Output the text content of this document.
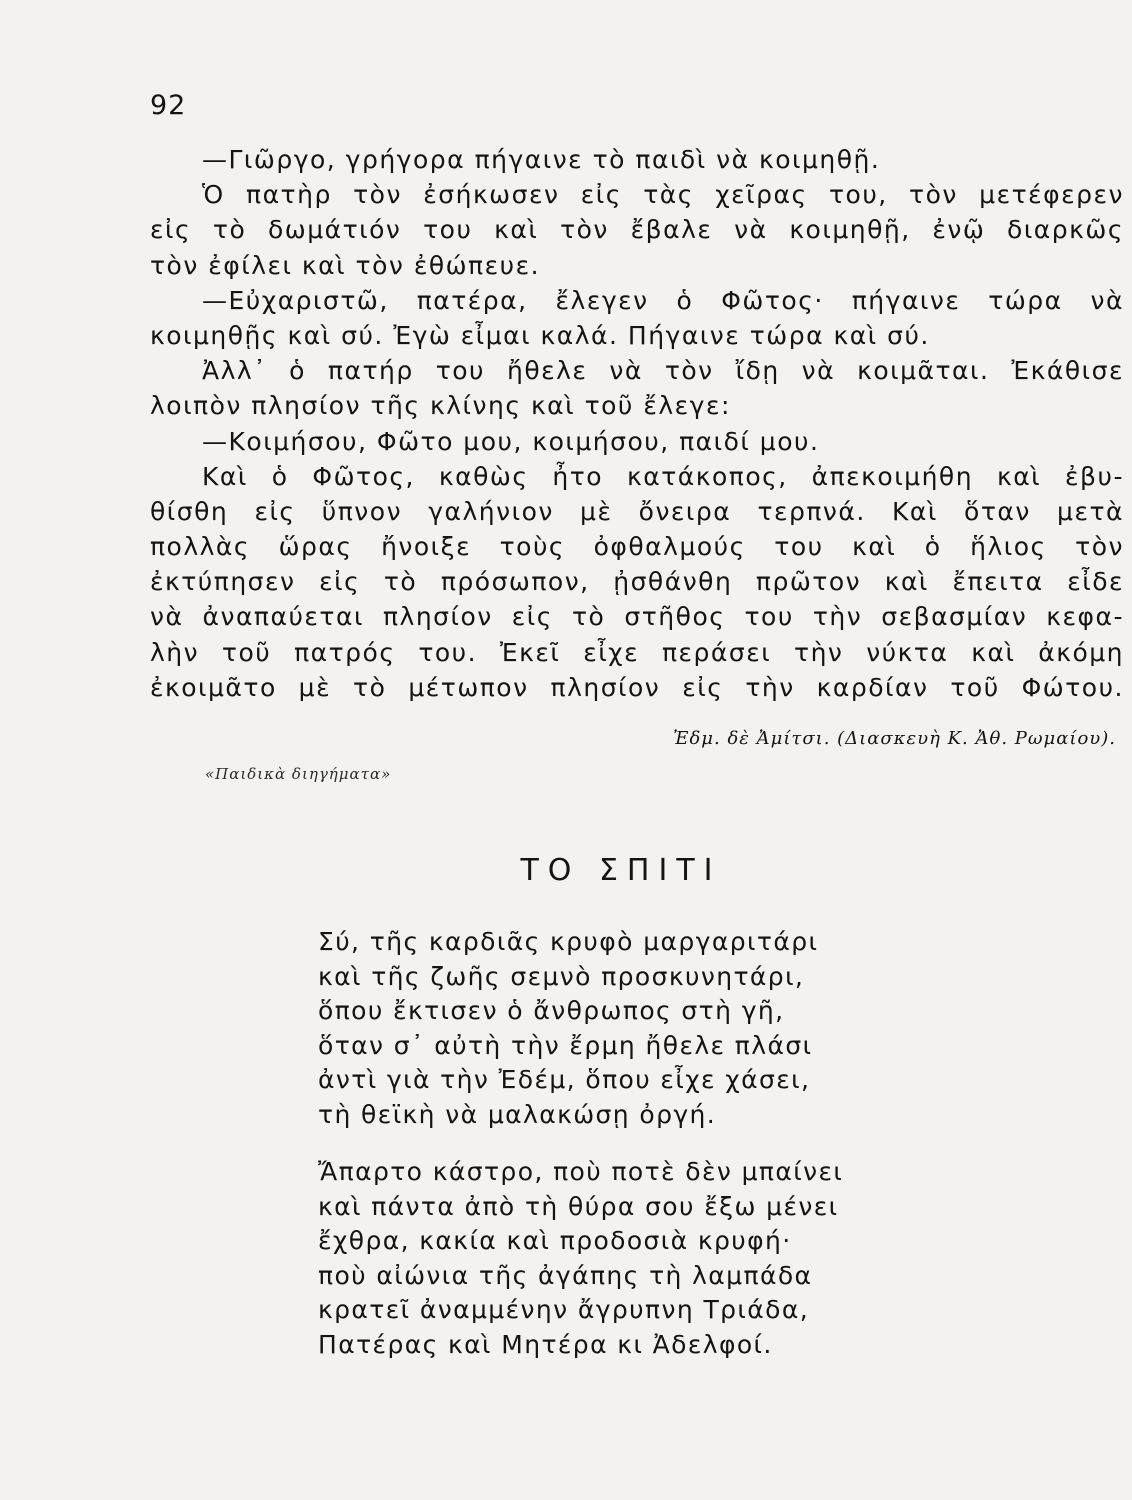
92
—Γιῶργο, γρήγορα πήγαινε τὸ παιδὶ νὰ κοιμηθῇ.
Ὁ πατὴρ τὸν ἐσήκωσεν εἰς τὰς χεῖρας του, τὸν μετέφερεν
εἰς τὸ δωμάτιόν του καὶ τὸν ἔβαλε νὰ κοιμηθῇ, ἐνῷ διαρκῶς
τὸν ἐφίλει καὶ τὸν ἐθώπευε.
—Εὐχαριστῶ, πατέρα, ἔλεγεν ὁ Φῶτος· πήγαινε τώρα νὰ
κοιμηθῇς καὶ σύ. Ἐγὼ εἶμαι καλά. Πήγαινε τώρα καὶ σύ.
Ἀλλ᾽ ὁ πατήρ του ἤθελε νὰ τὸν ἴδῃ νὰ κοιμᾶται. Ἐκάθισε
λοιπὸν πλησίον τῆς κλίνης καὶ τοῦ ἔλεγε:
—Κοιμήσου, Φῶτο μου, κοιμήσου, παιδί μου.
Καὶ ὁ Φῶτος, καθὼς ἦτο κατάκοπος, ἀπεκοιμήθη καὶ ἐβυ-
θίσθη εἰς ὕπνον γαλήνιον μὲ ὄνειρα τερπνά. Καὶ ὅταν μετὰ
πολλὰς ὥρας ἤνοιξε τοὺς ὀφθαλμούς του καὶ ὁ ἥλιος τὸν
ἐκτύπησεν εἰς τὸ πρόσωπον, ᾐσθάνθη πρῶτον καὶ ἔπειτα εἶδε
νὰ ἀναπαύεται πλησίον εἰς τὸ στῆθος του τὴν σεβασμίαν κεφα-
λὴν τοῦ πατρός του. Ἐκεῖ εἶχε περάσει τὴν νύκτα καὶ ἀκόμη
ἐκοιμᾶτο μὲ τὸ μέτωπον πλησίον εἰς τὴν καρδίαν τοῦ Φώτου.
Ἐδμ. δὲ Ἀμίτσι. (Διασκευὴ Κ. Ἀθ. Ρωμαίου).
«Παιδικὰ διηγήματα»
ΤΟ ΣΠΙΤΙ
Σύ, τῆς καρδιᾶς κρυφὸ μαργαριτάρι
καὶ τῆς ζωῆς σεμνὸ προσκυνητάρι,
ὅπου ἔκτισεν ὁ ἄνθρωπος στὴ γῆ,
ὅταν σ᾽ αὐτὴ τὴν ἔρμη ἤθελε πλάσι
ἀντὶ γιὰ τὴν Ἐδέμ, ὅπου εἶχε χάσει,
τὴ θεϊκὴ νὰ μαλακώσῃ ὀργή.
Ἄπαρτο κάστρο, ποὺ ποτὲ δὲν μπαίνει
καὶ πάντα ἀπὸ τὴ θύρα σου ἔξω μένει
ἔχθρα, κακία καὶ προδοσιὰ κρυφή·
ποὺ αἰώνια τῆς ἀγάπης τὴ λαμπάδα
κρατεῖ ἀναμμένην ἄγρυπνη Τριάδα,
Πατέρας καὶ Μητέρα κι Ἀδελφοί.
